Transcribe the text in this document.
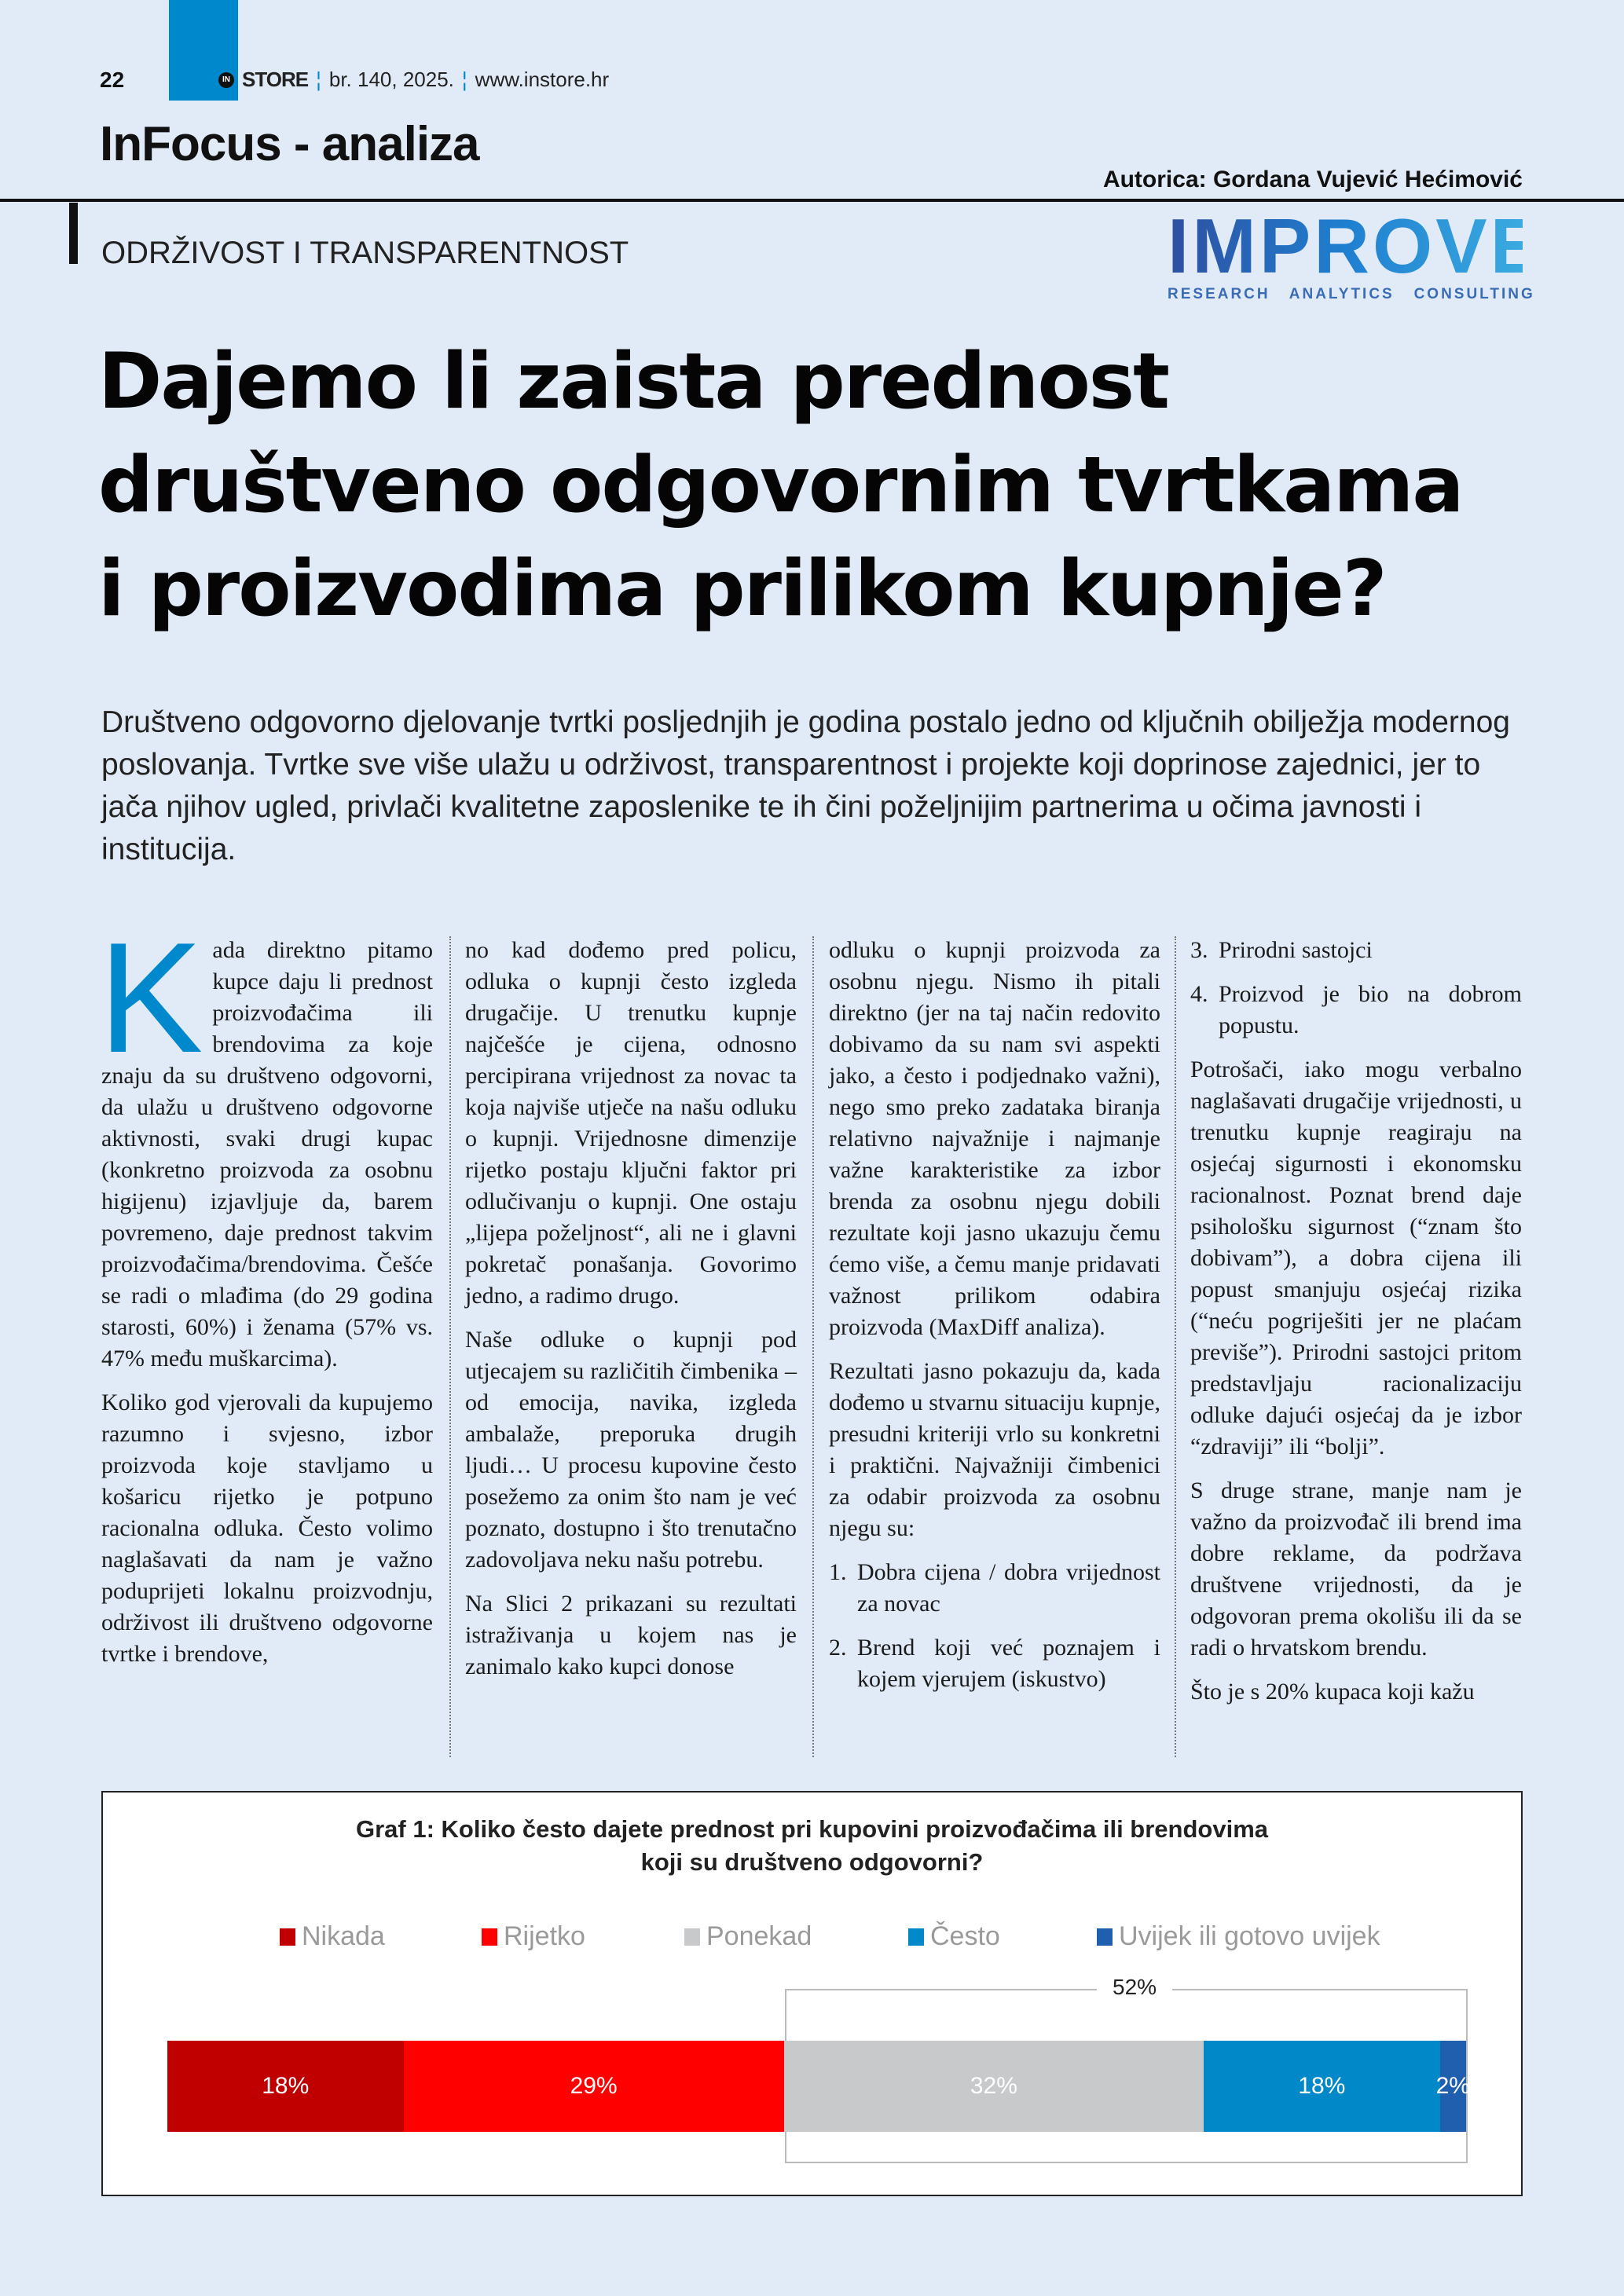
22	IN STORE ¦ br. 140, 2025. ¦ www.instore.hr
InFocus - analiza
Autorica: Gordana Vujević Hećimović
ODRŽIVOST I TRANSPARENTNOST	IMPROVE
RESEARCH   ANALYTICS   CONSULTING
Dajemo li zaista prednost
društveno odgovornim tvrtkama
i proizvodima prilikom kupnje?
Društveno odgovorno djelovanje tvrtki posljednjih je godina postalo jedno od ključnih obilježja modernog poslovanja. Tvrtke sve više ulažu u održivost, transparentnost i projekte koji doprinose zajednici, jer to jača njihov ugled, privlači kvalitetne zaposlenike te ih čini poželjnijim partnerima u očima javnosti i institucija.
K ada direktno pitamo kupce daju li prednost proizvođačima ili brendovima za koje znaju da su društveno odgovorni, da ulažu u društveno odgovorne aktivnosti, svaki drugi kupac (konkretno proizvoda za osobnu higijenu) izjavljuje da, barem povremeno, daje prednost takvim proizvođačima/brendovima. Češće se radi o mlađima (do 29 godina starosti, 60%) i ženama (57% vs. 47% među muškarcima).

Koliko god vjerovali da kupujemo razumno i svjesno, izbor proizvoda koje stavljamo u košaricu rijetko je potpuno racionalna odluka. Često volimo naglašavati da nam je važno poduprijeti lokalnu proizvodnju, održivost ili društveno odgovorne tvrtke i brendove,

no kad dođemo pred policu, odluka o kupnji često izgleda drugačije. U trenutku kupnje najčešće je cijena, odnosno percipirana vrijednost za novac ta koja najviše utječe na našu odluku o kupnji. Vrijednosne dimenzije rijetko postaju ključni faktor pri odlučivanju o kupnji. One ostaju „lijepa poželjnost“, ali ne i glavni pokretač ponašanja. Govorimo jedno, a radimo drugo.

Naše odluke o kupnji pod utjecajem su različitih čimbenika – od emocija, navika, izgleda ambalaže, preporuka drugih ljudi… U procesu kupovine često posežemo za onim što nam je već poznato, dostupno i što trenutačno zadovoljava neku našu potrebu.

Na Slici 2 prikazani su rezultati istraživanja u kojem nas je zanimalo kako kupci donose

odluku o kupnji proizvoda za osobnu njegu. Nismo ih pitali direktno (jer na taj način redovito dobivamo da su nam svi aspekti jako, a često i podjednako važni), nego smo preko zadataka biranja relativno najvažnije i najmanje važne karakteristike za izbor brenda za osobnu njegu dobili rezultate koji jasno ukazuju čemu ćemo više, a čemu manje pridavati važnost prilikom odabira proizvoda (MaxDiff analiza).

Rezultati jasno pokazuju da, kada dođemo u stvarnu situaciju kupnje, presudni kriteriji vrlo su konkretni i praktični. Najvažniji čimbenici za odabir proizvoda za osobnu njegu su:

1. Dobra cijena / dobra vrijednost za novac

2. Brend koji već poznajem i kojem vjerujem (iskustvo)

3. Prirodni sastojci

4. Proizvod je bio na dobrom popustu.

Potrošači, iako mogu verbalno naglašavati drugačije vrijednosti, u trenutku kupnje reagiraju na osjećaj sigurnosti i ekonomsku racionalnost. Poznat brend daje psihološku sigurnost (“znam što dobivam”), a dobra cijena ili popust smanjuju osjećaj rizika (“neću pogriješiti jer ne plaćam previše”). Prirodni sastojci pritom predstavljaju racionalizaciju odluke dajući osjećaj da je izbor “zdraviji” ili “bolji”.

S druge strane, manje nam je važno da proizvođač ili brend ima dobre reklame, da podržava društvene vrijednosti, da je odgovoran prema okolišu ili da se radi o hrvatskom brendu.

Što je s 20% kupaca koji kažu

Graf 1: Koliko često dajete prednost pri kupovini proizvođačima ili brendovima
koji su društveno odgovorni?
Nikada	Rijetko	Ponekad	Često	Uvijek ili gotovo uvijek
52%
18%	29%	32%	18%	2%
